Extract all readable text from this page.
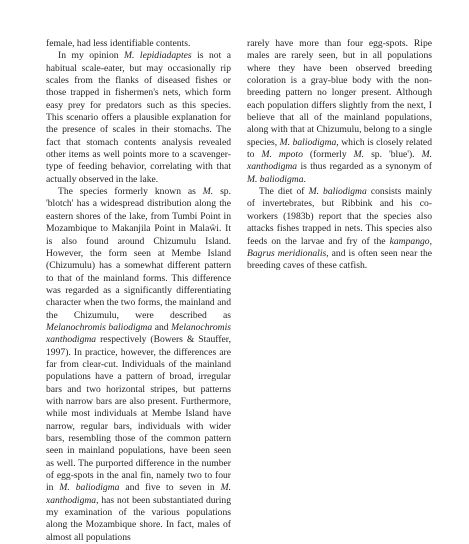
female, had less identifiable contents.

In my opinion M. lepidiadaptes is not a habitual scale-eater, but may occasionally rip scales from the flanks of diseased fishes or those trapped in fishermen's nets, which form easy prey for predators such as this species. This scenario offers a plausible explanation for the presence of scales in their stomachs. The fact that stomach contents analysis revealed other items as well points more to a scavenger-type of feeding behavior, correlating with that actually observed in the lake.

The species formerly known as M. sp. 'blotch' has a widespread distribution along the eastern shores of the lake, from Tumbi Point in Mozambique to Makanjila Point in Malaŵi. It is also found around Chizumulu Island. However, the form seen at Membe Island (Chizumulu) has a somewhat different pattern to that of the mainland forms. This difference was regarded as a significantly differentiating character when the two forms, the mainland and the Chizumulu, were described as Melanochromis baliodigma and Melanochromis xanthodigma respectively (Bowers & Stauffer, 1997). In practice, however, the differences are far from clear-cut. Individuals of the mainland populations have a pattern of broad, irregular bars and two horizontal stripes, but patterns with narrow bars are also present. Furthermore, while most individuals at Membe Island have narrow, regular bars, individuals with wider bars, resembling those of the common pattern seen in mainland populations, have been seen as well. The purported difference in the number of egg-spots in the anal fin, namely two to four in M. baliodigma and five to seven in M. xanthodigma, has not been substantiated during my examination of the various populations along the Mozambique shore. In fact, males of almost all populations

rarely have more than four egg-spots. Ripe males are rarely seen, but in all populations where they have been observed breeding coloration is a gray-blue body with the non-breeding pattern no longer present. Although each population differs slightly from the next, I believe that all of the mainland populations, along with that at Chizumulu, belong to a single species, M. baliodigma, which is closely related to M. mpoto (formerly M. sp. 'blue'). M. xanthodigma is thus regarded as a synonym of M. baliodigma.

The diet of M. baliodigma consists mainly of invertebrates, but Ribbink and his co-workers (1983b) report that the species also attacks fishes trapped in nets. This species also feeds on the larvae and fry of the kampango, Bagrus meridionalis, and is often seen near the breeding caves of these catfish.
